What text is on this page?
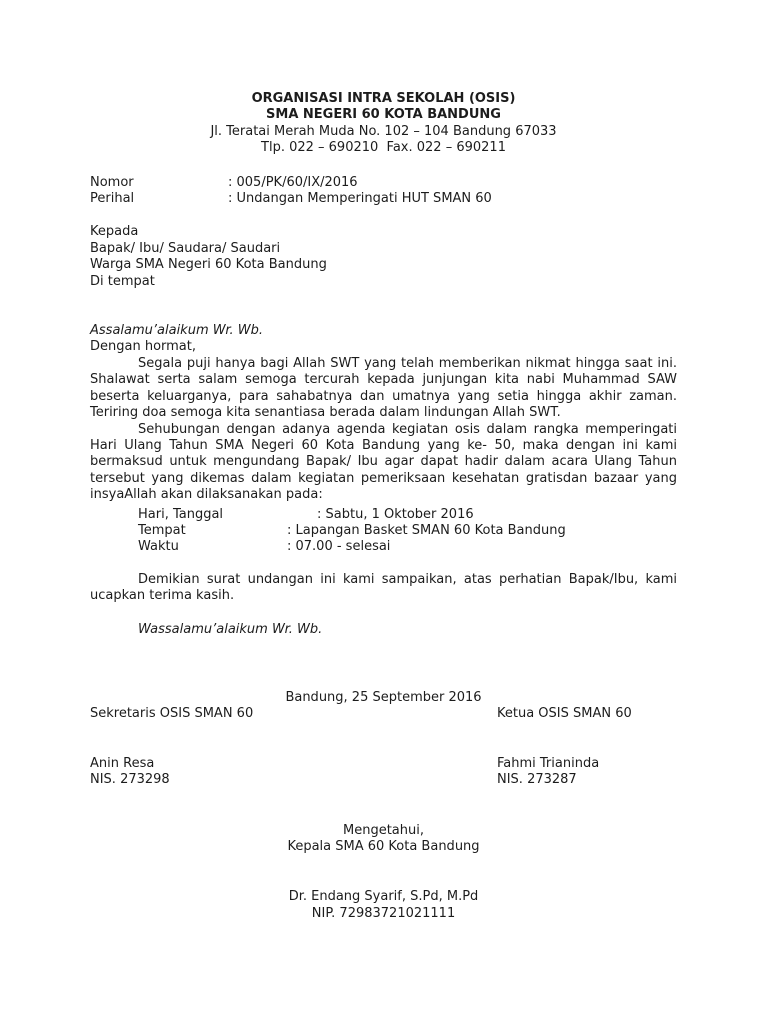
ORGANISASI INTRA SEKOLAH (OSIS)
SMA NEGERI 60 KOTA BANDUNG
Jl. Teratai Merah Muda No. 102 – 104 Bandung 67033
Tlp. 022 – 690210  Fax. 022 – 690211
Nomor	: 005/PK/60/IX/2016
Perihal	: Undangan Memperingati HUT SMAN 60
Kepada
Bapak/ Ibu/ Saudara/ Saudari
Warga SMA Negeri 60 Kota Bandung
Di tempat
Assalamu’alaikum Wr. Wb.
Dengan hormat,

Segala puji hanya bagi Allah SWT yang telah memberikan nikmat hingga saat ini. Shalawat serta salam semoga tercurah kepada junjungan kita nabi Muhammad SAW beserta keluarganya, para sahabatnya dan umatnya yang setia hingga akhir zaman. Teriring doa semoga kita senantiasa berada dalam lindungan Allah SWT.

Sehubungan dengan adanya agenda kegiatan osis dalam rangka memperingati Hari Ulang Tahun SMA Negeri 60 Kota Bandung yang ke- 50, maka dengan ini kami bermaksud untuk mengundang Bapak/ Ibu agar dapat hadir dalam acara Ulang Tahun tersebut yang dikemas dalam kegiatan pemeriksaan kesehatan gratisdan bazaar yang insyaAllah akan dilaksanakan pada:

Hari, Tanggal	: Sabtu, 1 Oktober 2016
Tempat	: Lapangan Basket SMAN 60 Kota Bandung
Waktu	: 07.00 - selesai

Demikian surat undangan ini kami sampaikan, atas perhatian Bapak/Ibu, kami ucapkan terima kasih.

Wassalamu’alaikum Wr. Wb.
Bandung, 25 September 2016
Sekretaris OSIS SMAN 60	Ketua OSIS SMAN 60
Anin Resa	Fahmi Trianinda
NIS. 273298	NIS. 273287
Mengetahui,
Kepala SMA 60 Kota Bandung
Dr. Endang Syarif, S.Pd, M.Pd
NIP. 72983721021111
